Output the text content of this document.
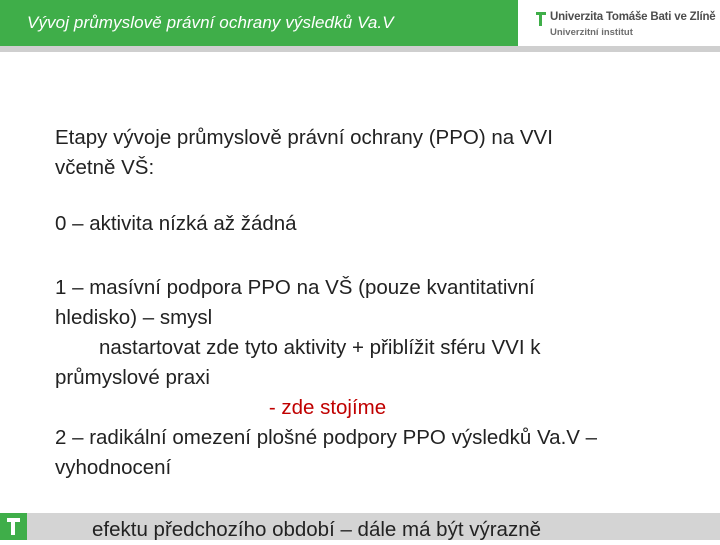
Vývoj průmyslově právní ochrany výsledků Va.V	Univerzita Tomáše Bati ve Zlíně
Univerzitní institut

Etapy vývoje průmyslově právní ochrany (PPO) na VVI

včetně VŠ:

0 – aktivita nízká až žádná

1 – masívní podpora PPO na VŠ (pouze kvantitativní

hledisko) – smysl

nastartovat zde tyto aktivity + přiblížit sféru VVI k

průmyslové praxi

- zde stojíme

2 – radikální omezení plošné podpory PPO výsledků Va.V –

vyhodnocení

efektu předchozího období – dále má být výrazně
